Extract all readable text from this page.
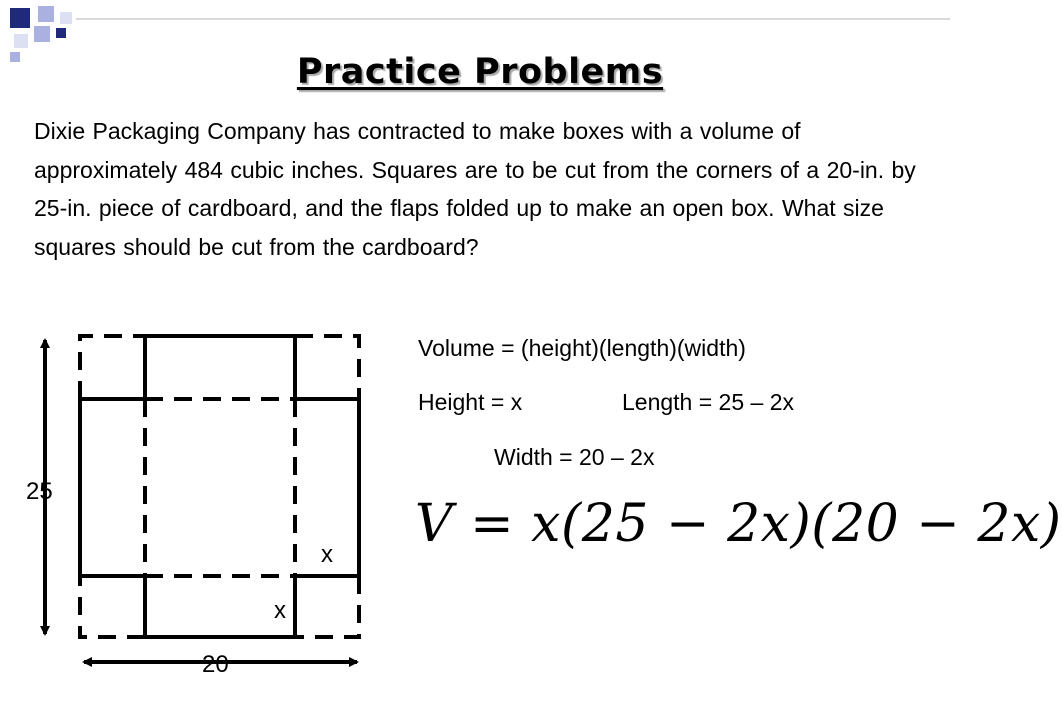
Practice Problems

Dixie Packaging Company has contracted to make boxes with a volume of approximately 484 cubic inches. Squares are to be cut from the corners of a 20-in. by 25-in. piece of cardboard, and the flaps folded up to make an open box. What size squares should be cut from the cardboard?

25
20
x
x
Volume = (height)(length)(width)
Height = x	Length = 25 – 2x
Width = 20 – 2x
V = x(25 − 2x)(20 − 2x)
